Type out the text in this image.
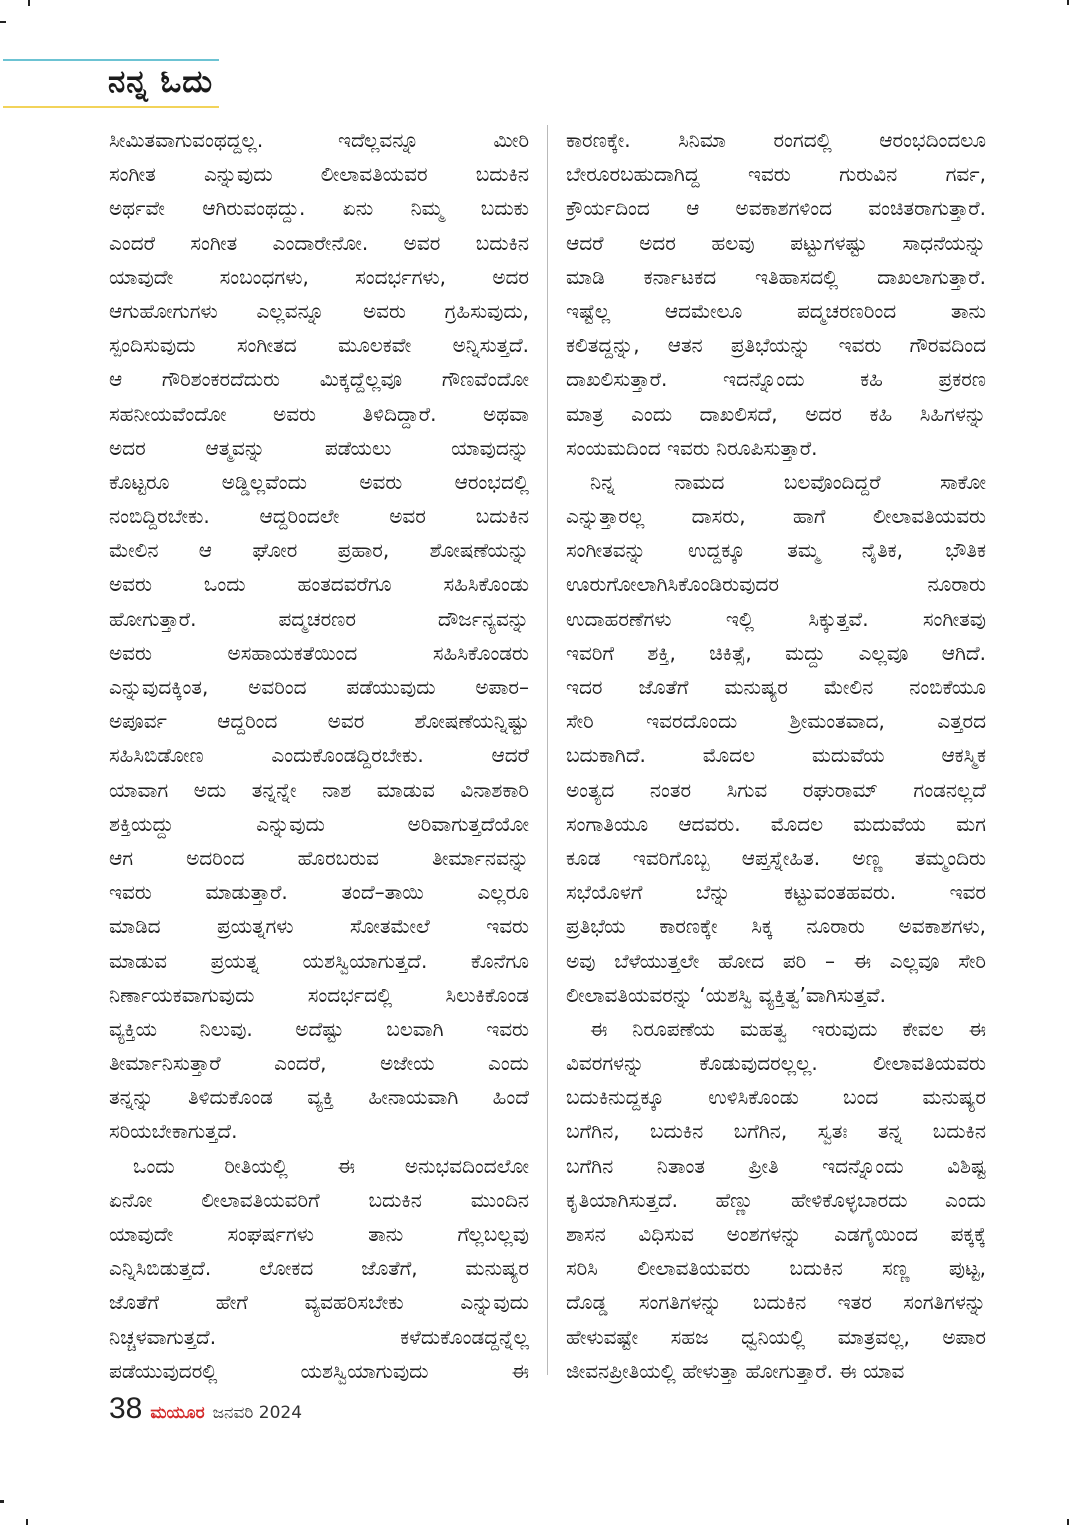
ನನ್ನ ಓದು
ಸೀಮಿತವಾಗುವಂಥದ್ದಲ್ಲ. ಇದೆಲ್ಲವನ್ನೂ ಮೀರಿ
ಸಂಗೀತ ಎನ್ನುವುದು ಲೀಲಾವತಿಯವರ ಬದುಕಿನ
ಅರ್ಥವೇ ಆಗಿರುವಂಥದ್ದು. ಏನು ನಿಮ್ಮ ಬದುಕು
ಎಂದರೆ ಸಂಗೀತ ಎಂದಾರೇನೋ. ಅವರ ಬದುಕಿನ
ಯಾವುದೇ ಸಂಬಂಧಗಳು, ಸಂದರ್ಭಗಳು, ಅದರ
ಆಗುಹೋಗುಗಳು ಎಲ್ಲವನ್ನೂ ಅವರು ಗ್ರಹಿಸುವುದು,
ಸ್ಪಂದಿಸುವುದು ಸಂಗೀತದ ಮೂಲಕವೇ ಅನ್ನಿಸುತ್ತದೆ.
ಆ ಗೌರಿಶಂಕರದೆದುರು ಮಿಕ್ಕದ್ದೆಲ್ಲವೂ ಗೌಣವೆಂದೋ
ಸಹನೀಯವೆಂದೋ ಅವರು ತಿಳಿದಿದ್ದಾರೆ. ಅಥವಾ
ಅದರ ಆತ್ಮವನ್ನು ಪಡೆಯಲು ಯಾವುದನ್ನು
ಕೊಟ್ಟರೂ ಅಡ್ಡಿಲ್ಲವೆಂದು ಅವರು ಆರಂಭದಲ್ಲಿ
ನಂಬಿದ್ದಿರಬೇಕು. ಆದ್ದರಿಂದಲೇ ಅವರ ಬದುಕಿನ
ಮೇಲಿನ ಆ ಘೋರ ಪ್ರಹಾರ, ಶೋಷಣೆಯನ್ನು
ಅವರು ಒಂದು ಹಂತದವರೆಗೂ ಸಹಿಸಿಕೊಂಡು
ಹೋಗುತ್ತಾರೆ. ಪದ್ಮಚರಣರ ದೌರ್ಜನ್ಯವನ್ನು
ಅವರು ಅಸಹಾಯಕತೆಯಿಂದ ಸಹಿಸಿಕೊಂಡರು
ಎನ್ನುವುದಕ್ಕಿಂತ, ಅವರಿಂದ ಪಡೆಯುವುದು ಅಪಾರ–
ಅಪೂರ್ವ ಆದ್ದರಿಂದ ಅವರ ಶೋಷಣೆಯನ್ನಿಷ್ಟು
ಸಹಿಸಿಬಿಡೋಣ ಎಂದುಕೊಂಡದ್ದಿರಬೇಕು. ಆದರೆ
ಯಾವಾಗ ಅದು ತನ್ನನ್ನೇ ನಾಶ ಮಾಡುವ ವಿನಾಶಕಾರಿ
ಶಕ್ತಿಯದ್ದು ಎನ್ನುವುದು ಅರಿವಾಗುತ್ತದೆಯೋ
ಆಗ ಅದರಿಂದ ಹೊರಬರುವ ತೀರ್ಮಾನವನ್ನು
ಇವರು ಮಾಡುತ್ತಾರೆ. ತಂದೆ–ತಾಯಿ ಎಲ್ಲರೂ
ಮಾಡಿದ ಪ್ರಯತ್ನಗಳು ಸೋತಮೇಲೆ ಇವರು
ಮಾಡುವ ಪ್ರಯತ್ನ ಯಶಸ್ವಿಯಾಗುತ್ತದೆ. ಕೊನೆಗೂ
ನಿರ್ಣಾಯಕವಾಗುವುದು ಸಂದರ್ಭದಲ್ಲಿ ಸಿಲುಕಿಕೊಂಡ
ವ್ಯಕ್ತಿಯ ನಿಲುವು. ಅದೆಷ್ಟು ಬಲವಾಗಿ ಇವರು
ತೀರ್ಮಾನಿಸುತ್ತಾರೆ ಎಂದರೆ, ಅಜೇಯ ಎಂದು
ತನ್ನನ್ನು ತಿಳಿದುಕೊಂಡ ವ್ಯಕ್ತಿ ಹೀನಾಯವಾಗಿ ಹಿಂದೆ
ಸರಿಯಬೇಕಾಗುತ್ತದೆ.
ಒಂದು ರೀತಿಯಲ್ಲಿ ಈ ಅನುಭವದಿಂದಲೋ
ಏನೋ ಲೀಲಾವತಿಯವರಿಗೆ ಬದುಕಿನ ಮುಂದಿನ
ಯಾವುದೇ ಸಂಘರ್ಷಗಳು ತಾನು ಗೆಲ್ಲಬಲ್ಲವು
ಎನ್ನಿಸಿಬಿಡುತ್ತದೆ. ಲೋಕದ ಜೊತೆಗೆ, ಮನುಷ್ಯರ
ಜೊತೆಗೆ ಹೇಗೆ ವ್ಯವಹರಿಸಬೇಕು ಎನ್ನುವುದು
ನಿಚ್ಚಳವಾಗುತ್ತದೆ. ಕಳೆದುಕೊಂಡದ್ದನ್ನೆಲ್ಲ
ಪಡೆಯುವುದರಲ್ಲಿ ಯಶಸ್ವಿಯಾಗುವುದು ಈ
ಕಾರಣಕ್ಕೇ. ಸಿನಿಮಾ ರಂಗದಲ್ಲಿ ಆರಂಭದಿಂದಲೂ
ಬೇರೂರಬಹುದಾಗಿದ್ದ ಇವರು ಗುರುವಿನ ಗರ್ವ,
ಕ್ರೌರ್ಯದಿಂದ ಆ ಅವಕಾಶಗಳಿಂದ ವಂಚಿತರಾಗುತ್ತಾರೆ.
ಆದರೆ ಅದರ ಹಲವು ಪಟ್ಟುಗಳಷ್ಟು ಸಾಧನೆಯನ್ನು
ಮಾಡಿ ಕರ್ನಾಟಕದ ಇತಿಹಾಸದಲ್ಲಿ ದಾಖಲಾಗುತ್ತಾರೆ.
ಇಷ್ಟೆಲ್ಲ ಆದಮೇಲೂ ಪದ್ಮಚರಣರಿಂದ ತಾನು
ಕಲಿತದ್ದನ್ನು, ಆತನ ಪ್ರತಿಭೆಯನ್ನು ಇವರು ಗೌರವದಿಂದ
ದಾಖಲಿಸುತ್ತಾರೆ. ಇದನ್ನೊಂದು ಕಹಿ ಪ್ರಕರಣ
ಮಾತ್ರ ಎಂದು ದಾಖಲಿಸದೆ, ಅದರ ಕಹಿ ಸಿಹಿಗಳನ್ನು
ಸಂಯಮದಿಂದ ಇವರು ನಿರೂಪಿಸುತ್ತಾರೆ.
ನಿನ್ನ ನಾಮದ ಬಲವೊಂದಿದ್ದರೆ ಸಾಕೋ
ಎನ್ನುತ್ತಾರಲ್ಲ ದಾಸರು, ಹಾಗೆ ಲೀಲಾವತಿಯವರು
ಸಂಗೀತವನ್ನು ಉದ್ದಕ್ಕೂ ತಮ್ಮ ನೈತಿಕ, ಭೌತಿಕ
ಊರುಗೋಲಾಗಿಸಿಕೊಂಡಿರುವುದರ ನೂರಾರು
ಉದಾಹರಣೆಗಳು ಇಲ್ಲಿ ಸಿಕ್ಕುತ್ತವೆ. ಸಂಗೀತವು
ಇವರಿಗೆ ಶಕ್ತಿ, ಚಿಕಿತ್ಸೆ, ಮದ್ದು ಎಲ್ಲವೂ ಆಗಿದೆ.
ಇದರ ಜೊತೆಗೆ ಮನುಷ್ಯರ ಮೇಲಿನ ನಂಬಿಕೆಯೂ
ಸೇರಿ ಇವರದೊಂದು ಶ್ರೀಮಂತವಾದ, ಎತ್ತರದ
ಬದುಕಾಗಿದೆ. ಮೊದಲ ಮದುವೆಯ ಆಕಸ್ಮಿಕ
ಅಂತ್ಯದ ನಂತರ ಸಿಗುವ ರಘುರಾಮ್ ಗಂಡನಲ್ಲದೆ
ಸಂಗಾತಿಯೂ ಆದವರು. ಮೊದಲ ಮದುವೆಯ ಮಗ
ಕೂಡ ಇವರಿಗೊಬ್ಬ ಆಪ್ತಸ್ನೇಹಿತ. ಅಣ್ಣ ತಮ್ಮಂದಿರು
ಸಭೆಯೊಳಗೆ ಬೆನ್ನು ಕಟ್ಟುವಂತಹವರು. ಇವರ
ಪ್ರತಿಭೆಯ ಕಾರಣಕ್ಕೇ ಸಿಕ್ಕ ನೂರಾರು ಅವಕಾಶಗಳು,
ಅವು ಬೆಳೆಯುತ್ತಲೇ ಹೋದ ಪರಿ – ಈ ಎಲ್ಲವೂ ಸೇರಿ
ಲೀಲಾವತಿಯವರನ್ನು ‘ಯಶಸ್ವಿ ವ್ಯಕ್ತಿತ್ವ’ವಾಗಿಸುತ್ತವೆ.
ಈ ನಿರೂಪಣೆಯ ಮಹತ್ವ ಇರುವುದು ಕೇವಲ ಈ
ವಿವರಗಳನ್ನು ಕೊಡುವುದರಲ್ಲಲ್ಲ. ಲೀಲಾವತಿಯವರು
ಬದುಕಿನುದ್ದಕ್ಕೂ ಉಳಿಸಿಕೊಂಡು ಬಂದ ಮನುಷ್ಯರ
ಬಗೆಗಿನ, ಬದುಕಿನ ಬಗೆಗಿನ, ಸ್ವತಃ ತನ್ನ ಬದುಕಿನ
ಬಗೆಗಿನ ನಿತಾಂತ ಪ್ರೀತಿ ಇದನ್ನೊಂದು ವಿಶಿಷ್ಟ
ಕೃತಿಯಾಗಿಸುತ್ತದೆ. ಹೆಣ್ಣು ಹೇಳಿಕೊಳ್ಳಬಾರದು ಎಂದು
ಶಾಸನ ವಿಧಿಸುವ ಅಂಶಗಳನ್ನು ಎಡಗೈಯಿಂದ ಪಕ್ಕಕ್ಕೆ
ಸರಿಸಿ ಲೀಲಾವತಿಯವರು ಬದುಕಿನ ಸಣ್ಣ ಪುಟ್ಟ,
ದೊಡ್ಡ ಸಂಗತಿಗಳನ್ನು ಬದುಕಿನ ಇತರ ಸಂಗತಿಗಳನ್ನು
ಹೇಳುವಷ್ಟೇ ಸಹಜ ಧ್ವನಿಯಲ್ಲಿ ಮಾತ್ರವಲ್ಲ, ಅಪಾರ
ಜೀವನಪ್ರೀತಿಯಲ್ಲಿ ಹೇಳುತ್ತಾ ಹೋಗುತ್ತಾರೆ. ಈ ಯಾವ
38 ಮಯೂರ ಜನವರಿ 2024
